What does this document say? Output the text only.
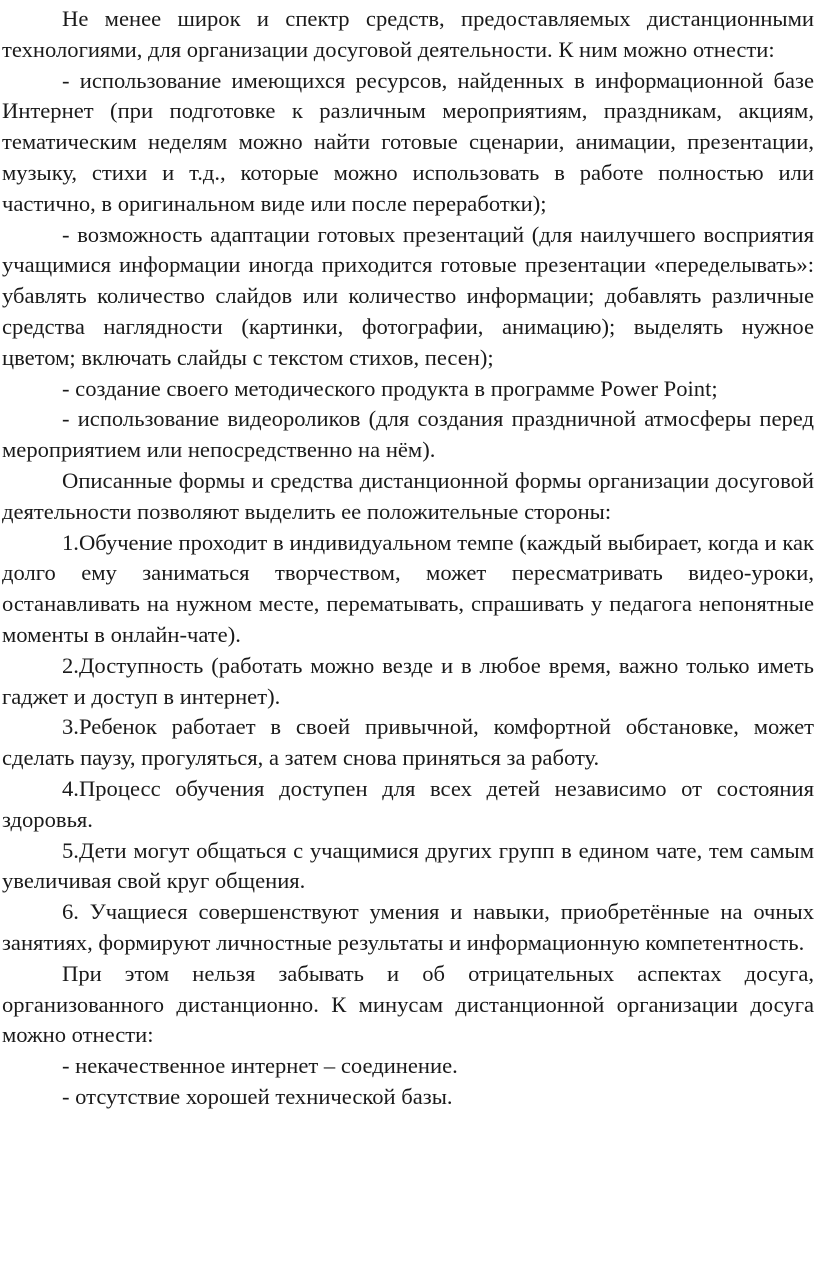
Не менее широк и спектр средств, предоставляемых дистанционными технологиями, для организации досуговой деятельности. К ним можно отнести:

- использование имеющихся ресурсов, найденных в информационной базе Интернет (при подготовке к различным мероприятиям, праздникам, акциям, тематическим неделям можно найти готовые сценарии, анимации, презентации, музыку, стихи и т.д., которые можно использовать в работе полностью или частично, в оригинальном виде или после переработки);

- возможность адаптации готовых презентаций (для наилучшего восприятия учащимися информации иногда приходится готовые презентации «переделывать»: убавлять количество слайдов или количество информации; добавлять различные средства наглядности (картинки, фотографии, анимацию); выделять нужное цветом; включать слайды с текстом стихов, песен);

- создание своего методического продукта в программе Power Point;

- использование видеороликов (для создания праздничной атмосферы перед мероприятием или непосредственно на нём).

Описанные формы и средства дистанционной формы организации досуговой деятельности позволяют выделить ее положительные стороны:

1.Обучение проходит в индивидуальном темпе (каждый выбирает, когда и как долго ему заниматься творчеством, может пересматривать видео-уроки, останавливать на нужном месте, перематывать, спрашивать у педагога непонятные моменты в онлайн-чате).

2.Доступность (работать можно везде и в любое время, важно только иметь гаджет и доступ в интернет).

3.Ребенок работает в своей привычной, комфортной обстановке, может сделать паузу, прогуляться, а затем снова приняться за работу.

4.Процесс обучения доступен для всех детей независимо от состояния здоровья.

5.Дети могут общаться с учащимися других групп в едином чате, тем самым увеличивая свой круг общения.

6. Учащиеся совершенствуют умения и навыки, приобретённые на очных занятиях, формируют личностные результаты и информационную компетентность.

При этом нельзя забывать и об отрицательных аспектах досуга, организованного дистанционно. К минусам дистанционной организации досуга можно отнести:

- некачественное интернет – соединение.

- отсутствие хорошей технической базы.
